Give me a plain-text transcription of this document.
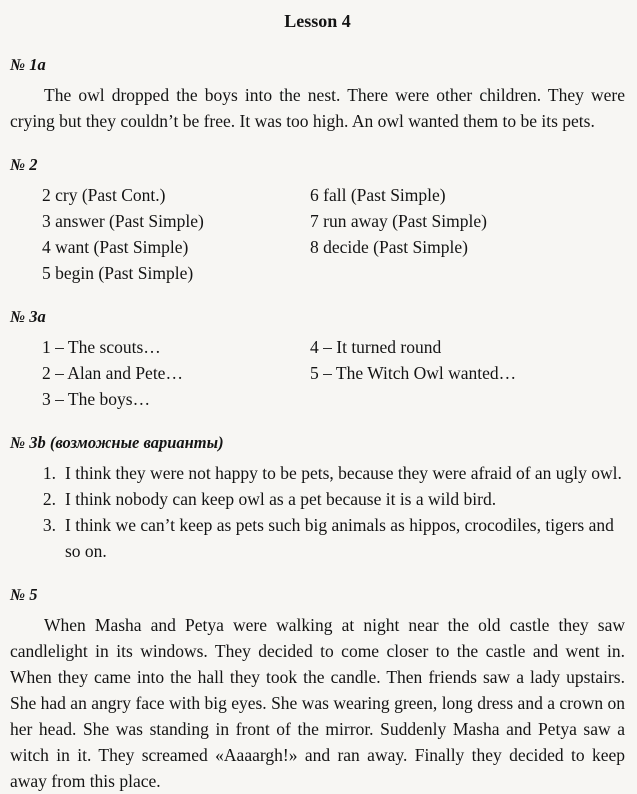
Lesson 4
№ 1a

The owl dropped the boys into the nest. There were other children. They were crying but they couldn’t be free. It was too high. An owl wanted them to be its pets.

№ 2
2 cry (Past Cont.)
3 answer (Past Simple)
4 want (Past Simple)
5 begin (Past Simple)
6 fall (Past Simple)
7 run away (Past Simple)
8 decide (Past Simple)
№ 3a
1 – The scouts…
2 – Alan and Pete…
3 – The boys…
4 – It turned round
5 – The Witch Owl wanted…
№ 3b (возможные варианты)
1. I think they were not happy to be pets, because they were afraid of an ugly owl.
2. I think nobody can keep owl as a pet because it is a wild bird.
3. I think we can’t keep as pets such big animals as hippos, crocodiles, tigers and so on.
№ 5

When Masha and Petya were walking at night near the old castle they saw candlelight in its windows. They decided to come closer to the castle and went in. When they came into the hall they took the candle. Then friends saw a lady upstairs. She had an angry face with big eyes. She was wearing green, long dress and a crown on her head. She was standing in front of the mirror. Suddenly Masha and Petya saw a witch in it. They screamed «Aaaargh!» and ran away. Finally they decided to keep away from this place.
